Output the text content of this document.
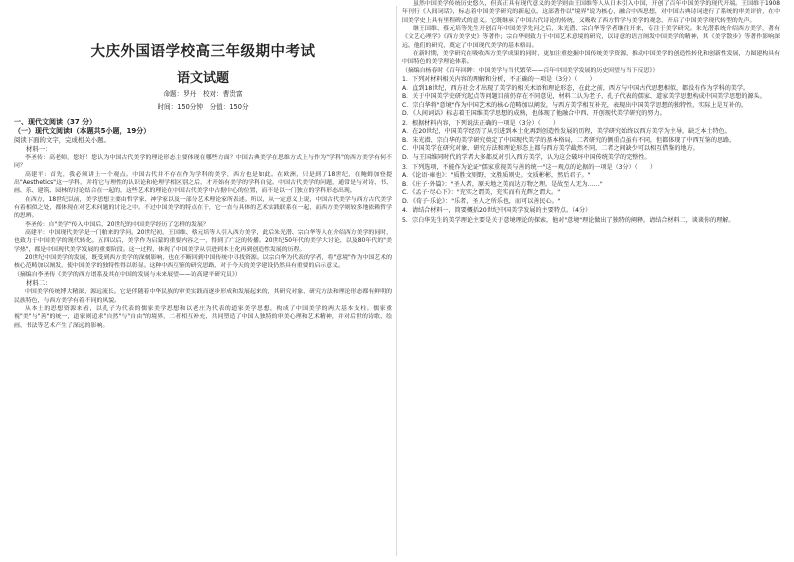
大庆外国语学校高三年级期中考试
语文试题
命题：罗丹　校对：曹贵富
时间：150分钟　分值：150分
一、现代文阅读（37 分）
（一）现代文阅读Ⅰ（本题共5小题，19分）
阅读下面的文字，完成相关小题。
材料一：

李圣传：高老师，您好！您认为中国古代美学的理论形态主要体现在哪些方面？中国古典美学在思维方式上与作为"学科"的西方美学有何不同？

高建平：首先，我必须讲上一个观点。中国古代并不存在作为学科的美学，西方也是如此。在欧洲，只是到了18世纪，在鲍姆加登提出"Aesthetics"这一学科，并将它与理性的认识论和伦理学相区别之后，才开始有美学的学科自觉。中国古代美学的问题，通常是与对诗、书、画、乐、建筑、园林的讨论结合在一起的，这些艺术的理论在中国古代美学中占据中心的位置，而不是以一门独立的学科形态出现。

在西方，18世纪以前，美学思想主要由哲学家、神学家以及一部分艺术理论家所表述。所以，从一定意义上说，中国古代美学与西方古代美学有着相似之处，都体现在对艺术问题的讨论之中。不过中国美学的特点在于，它一直与具体的艺术实践联系在一起，而西方美学则较多地依赖哲学的思辨。

李圣传：自"美学"传入中国后，20世纪的中国美学经历了怎样的发展？

高建平：中国现代美学是一门舶来的学问。20世纪初，王国维、蔡元培等人引入西方美学，此后朱光潜、宗白华等人在介绍西方美学的同时，也致力于中国美学的现代转化。五四以后，美学作为启蒙的重要内容之一，得到了广泛的传播。20世纪50年代的美学大讨论，以及80年代的"美学热"，都是中国现代美学发展的重要阶段。这一过程，体现了中国美学从引进到本土化再到创造性发展的历程。

20世纪中国美学的发展，既受到西方美学的深刻影响，也在不断回到中国传统中寻找资源。以宗白华为代表的学者，将"意境"作为中国艺术的核心范畴加以阐发，使中国美学的独特性得以彰显。这种中西互鉴的研究思路，对于今天的美学建设仍然具有重要的启示意义。

（摘编自李圣传《美学的西方谱系及其在中国的发展与未来展望——访高建平研究员》）

材料二：

中国美学传统博大精深，源远流长。它是伴随着中华民族的审美实践而逐步形成和发展起来的，其研究对象、研究方法和理论形态都有鲜明的民族特色，与西方美学有着不同的风貌。

从本土的思想资源来看，以孔子为代表的儒家美学思想和以老庄为代表的道家美学思想，构成了中国美学的两大基本支柱。儒家重视"美"与"善"的统一，道家则追求"自然"与"自由"的境界，二者相互补充，共同塑造了中国人独特的审美心理和艺术精神，并对后世的诗歌、绘画、书法等艺术产生了深远的影响。

虽然中国美学传统历史悠久，但真正具有现代意义的美学则由王国维等人从日本引入中国，开创了百年中国美学的现代开端。王国维于1908年刊行《人间词话》，标志着中国美学研究的新起点。这部著作以"境界"说为核心，融合中西思想，对中国古典诗词进行了系统的审美评价，在中国美学史上具有里程碑式的意义。它既继承了中国古代诗论的传统，又吸收了西方哲学与美学的观念，开启了中国美学现代转型的先声。

继王国维、蔡元培等先生开创百年中国美学先河之后，朱光潜、宗白华等学者继往开来，专注于美学研究。朱光潜系统介绍西方美学，著有《文艺心理学》《西方美学史》等著作；宗白华则致力于中国艺术意境的研究，以诗意的语言阐发中国美学的精神，其《美学散步》等著作影响深远。他们的研究，奠定了中国现代美学的基本格局。

在新时期，美学研究在吸收西方美学成果的同时，更加注重挖掘中国传统美学资源，推动中国美学的创造性转化和创新性发展，力图建构具有中国特色的美学理论体系。

（摘编自杨春时《百年回眸：中国美学与当代繁荣——百年中国美学发展的历史回望与当下反思》）

1．下列对材料相关内容的理解和分析，不正确的一项是（3分）（　　）

A．直到18世纪，西方社会才出现了美学的相关术语和理论形态，在此之前，西方与中国古代思想相似，都没有作为学科的美学。

B．关于中国美学史研究起点等问题目前仍存在不同意见，材料二认为老子、孔子代表的儒家、道家美学思想构成中国美学思想的源头。

C．宗白华将"意境"作为中国艺术的核心范畴加以阐发，与西方美学相互补充，表现出中国美学思想的独特性，实际上是互补的。

D．《人间词话》标志着王国维美学思想的成熟，也体现了他融合中西、开创现代美学研究的努力。

2．根据材料内容，下列说法正确的一项是（3分）（　　）

A．在20世纪，中国美学经历了从引进到本土化再到创造性发展的历程，美学研究始终以西方美学为主导，缺乏本土特色。

B．朱光潜、宗白华的美学研究奠定了中国现代美学的基本格局，二者研究的侧重点虽有不同，但都体现了中西互鉴的思路。

C．中国美学在研究对象、研究方法和理论形态上都与西方美学截然不同，二者之间缺少可以相互借鉴的地方。

D．与王国维同时代的学者大多都反对引入西方美学，认为这会破坏中国传统美学的完整性。

3．下列选项，不能作为论证"儒家重视美与善的统一"这一观点的论据的一项是（3分）（　　）

A．《论语·雍也》："质胜文则野，文胜质则史。文质彬彬，然后君子。"

B．《庄子·外篇》："圣人者，原天地之美而达万物之理。是故至人无为……"

C．《孟子·尽心下》："充实之谓美，充实而有光辉之谓大。"

D．《荀子·乐论》："乐者，圣人之所乐也，而可以善民心。"

4．请结合材料一，简要概括20世纪中国美学发展的主要特点。（4分）

5．宗白华先生的美学理论主要是关于意境理论的探索，他对"意境"理论做出了独特的阐释。请结合材料二，谈谈你的理解。
